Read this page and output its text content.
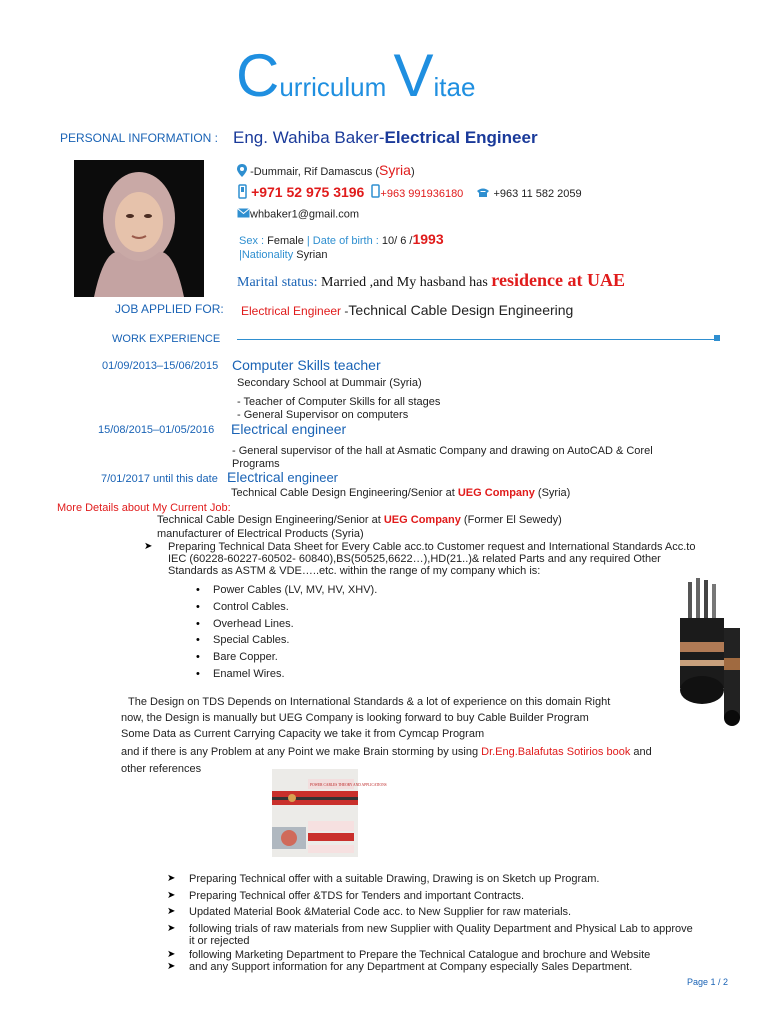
Curriculum Vitae
PERSONAL INFORMATION : Eng. Wahiba Baker-Electrical Engineer
-Dummair, Rif Damascus (Syria)
+971 52 975 3196 +963 991936180	+963 11 582 2059
whbaker1@gmail.com
Sex : Female | Date of birth : 10/ 6 /1993
|Nationality Syrian
Marital status: Married ,and My hasband has residence at UAE
JOB APPLIED FOR: Electrical Engineer -Technical Cable Design Engineering
WORK EXPERIENCE
01/09/2013–15/06/2015 Computer Skills teacher
Secondary School at Dummair (Syria)
- Teacher of Computer Skills for all stages
- General Supervisor on computers
15/08/2015–01/05/2016 Electrical engineer
- General supervisor of the hall at Asmatic Company and drawing on AutoCAD & Corel
Programs
7/01/2017 until this date Electrical engineer
Technical Cable Design Engineering/Senior at UEG Company (Syria)
More Details about My Current Job:
Technical Cable Design Engineering/Senior at UEG Company (Former El Sewedy)
manufacturer of Electrical Products (Syria)
➤ Preparing Technical Data Sheet for Every Cable acc.to Customer request and International Standards Acc.to
IEC (60228-60227-60502- 60840),BS(50525,6622…),HD(21..)& related Parts and any required Other
Standards as ASTM & VDE…..etc. within the range of my company which is:
• Power Cables (LV, MV, HV, XHV).
• Control Cables.
• Overhead Lines.
• Special Cables.
• Bare Copper.
• Enamel Wires.
The Design on TDS Depends on International Standards & a lot of experience on this domain Right
now, the Design is manually but UEG Company is looking forward to buy Cable Builder Program
Some Data as Current Carrying Capacity we take it from Cymcap Program
and if there is any Problem at any Point we make Brain storming by using Dr.Eng.Balafutas Sotirios book and
other references
POWER CABLES THEORY AND APPLICATIONS
➤ Preparing Technical offer with a suitable Drawing, Drawing is on Sketch up Program.
➤ Preparing Technical offer &TDS for Tenders and important Contracts.
➤ Updated Material Book &Material Code acc. to New Supplier for raw materials.
➤ following trials of raw materials from new Supplier with Quality Department and Physical Lab to approve
it or rejected
➤ following Marketing Department to Prepare the Technical Catalogue and brochure and Website
➤ and any Support information for any Department at Company especially Sales Department.
Page 1 / 2
